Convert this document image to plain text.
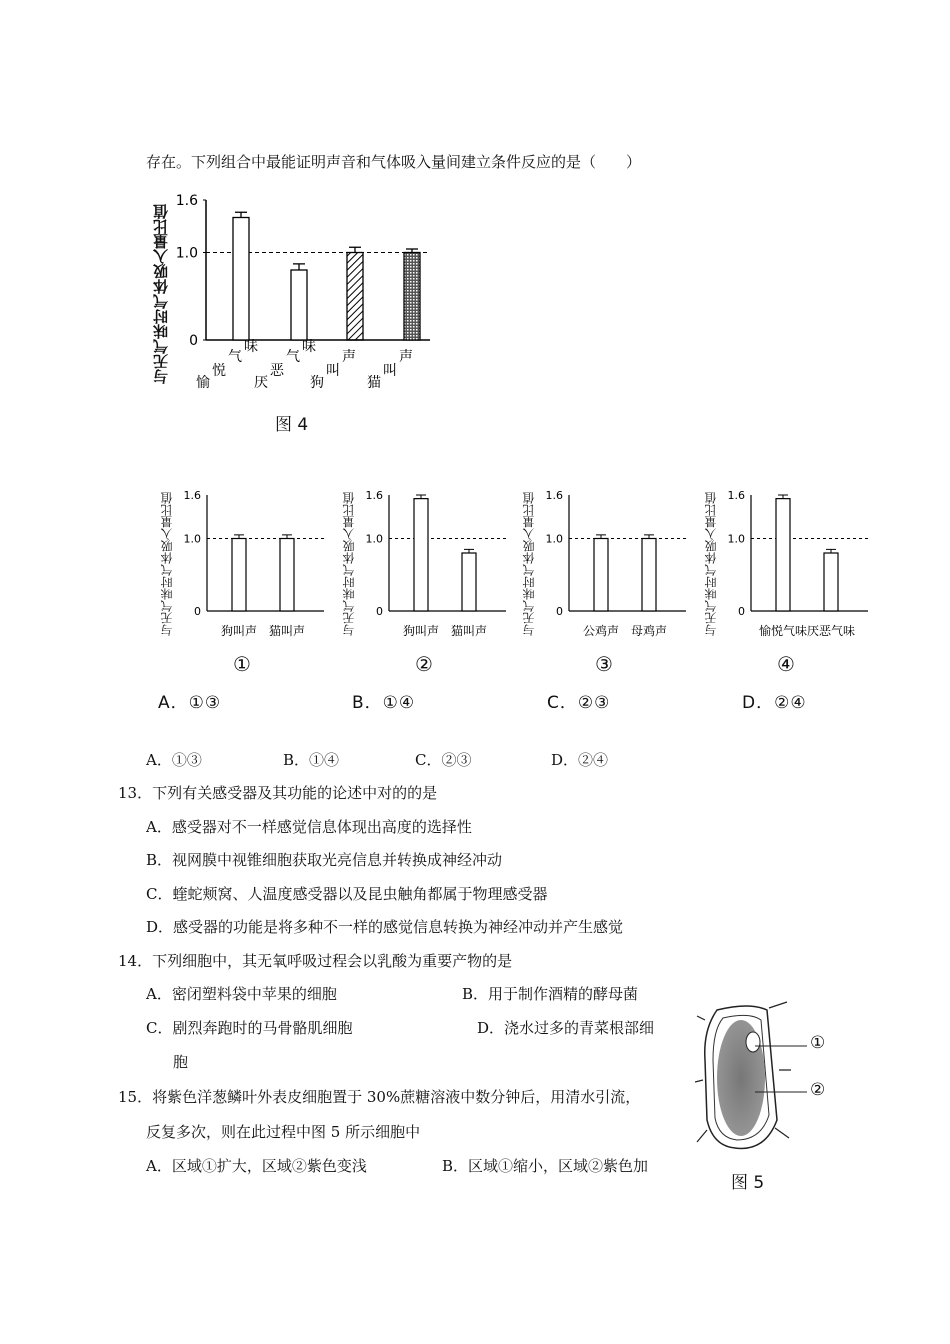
存在。下列组合中最能证明声音和气体吸入量间建立条件反应的是（　　）
与无气味时气体吸入量比值
1.6
1.0
0
愉
悦
气
味
厌
恶
气
味
狗
叫
声
猫
叫
声
图 4
与无气味时气体吸入量比值 1.6
1.0
0
狗叫声 猫叫声
①
与无气味时气体吸入量比值 1.6
1.0
0
狗叫声 猫叫声
②
与无气味时气体吸入量比值 1.6
1.0
0
公鸡声 母鸡声
③
与无气味时气体吸入量比值 1.6
1.0
0
愉悦气味 厌恶气味
④
A．①③	B．①④	C．②③	D．②④
A．①③	B．①④	C．②③	D．②④
13．下列有关感受器及其功能的论述中对的的是
A．感受器对不一样感觉信息体现出高度的选择性
B．视网膜中视锥细胞获取光亮信息并转换成神经冲动
C．蝰蛇颊窝、人温度感受器以及昆虫触角都属于物理感受器
D．感受器的功能是将多种不一样的感觉信息转换为神经冲动并产生感觉
14．下列细胞中，其无氧呼吸过程会以乳酸为重要产物的是
A．密闭塑料袋中苹果的细胞	B．用于制作酒精的酵母菌
C．剧烈奔跑时的马骨骼肌细胞	D．浇水过多的青菜根部细
胞
15．将紫色洋葱鳞叶外表皮细胞置于 30%蔗糖溶液中数分钟后，用清水引流，
反复多次，则在此过程中图 5 所示细胞中
A．区域①扩大，区域②紫色变浅	B．区域①缩小，区域②紫色加
①
②
图 5
